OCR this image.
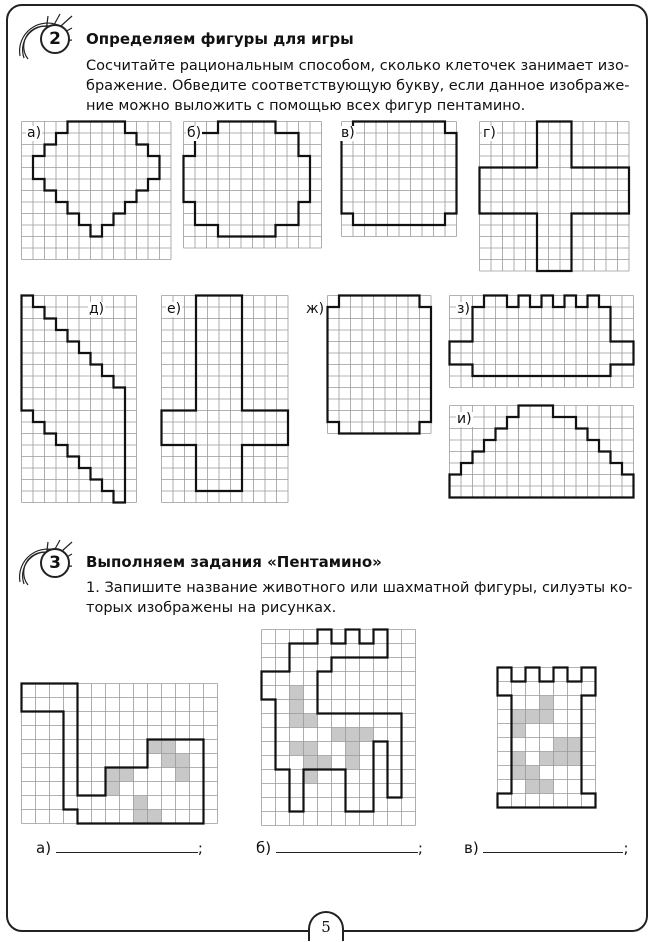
2	Определяем фигуры для игры
Сосчитайте рациональным способом, сколько клеточек занимает изо-
бражение. Обведите соответствующую букву, если данное изображе-
ние можно выложить с помощью всех фигур пентамино.
а)	б)	в)	г)
д)	е)	ж)	з)
и)
3	Выполняем задания «Пентамино»
1. Запишите название животного или шахматной фигуры, силуэты ко-
торых изображены на рисунках.
а)	;	б)	;	в)	;
5
